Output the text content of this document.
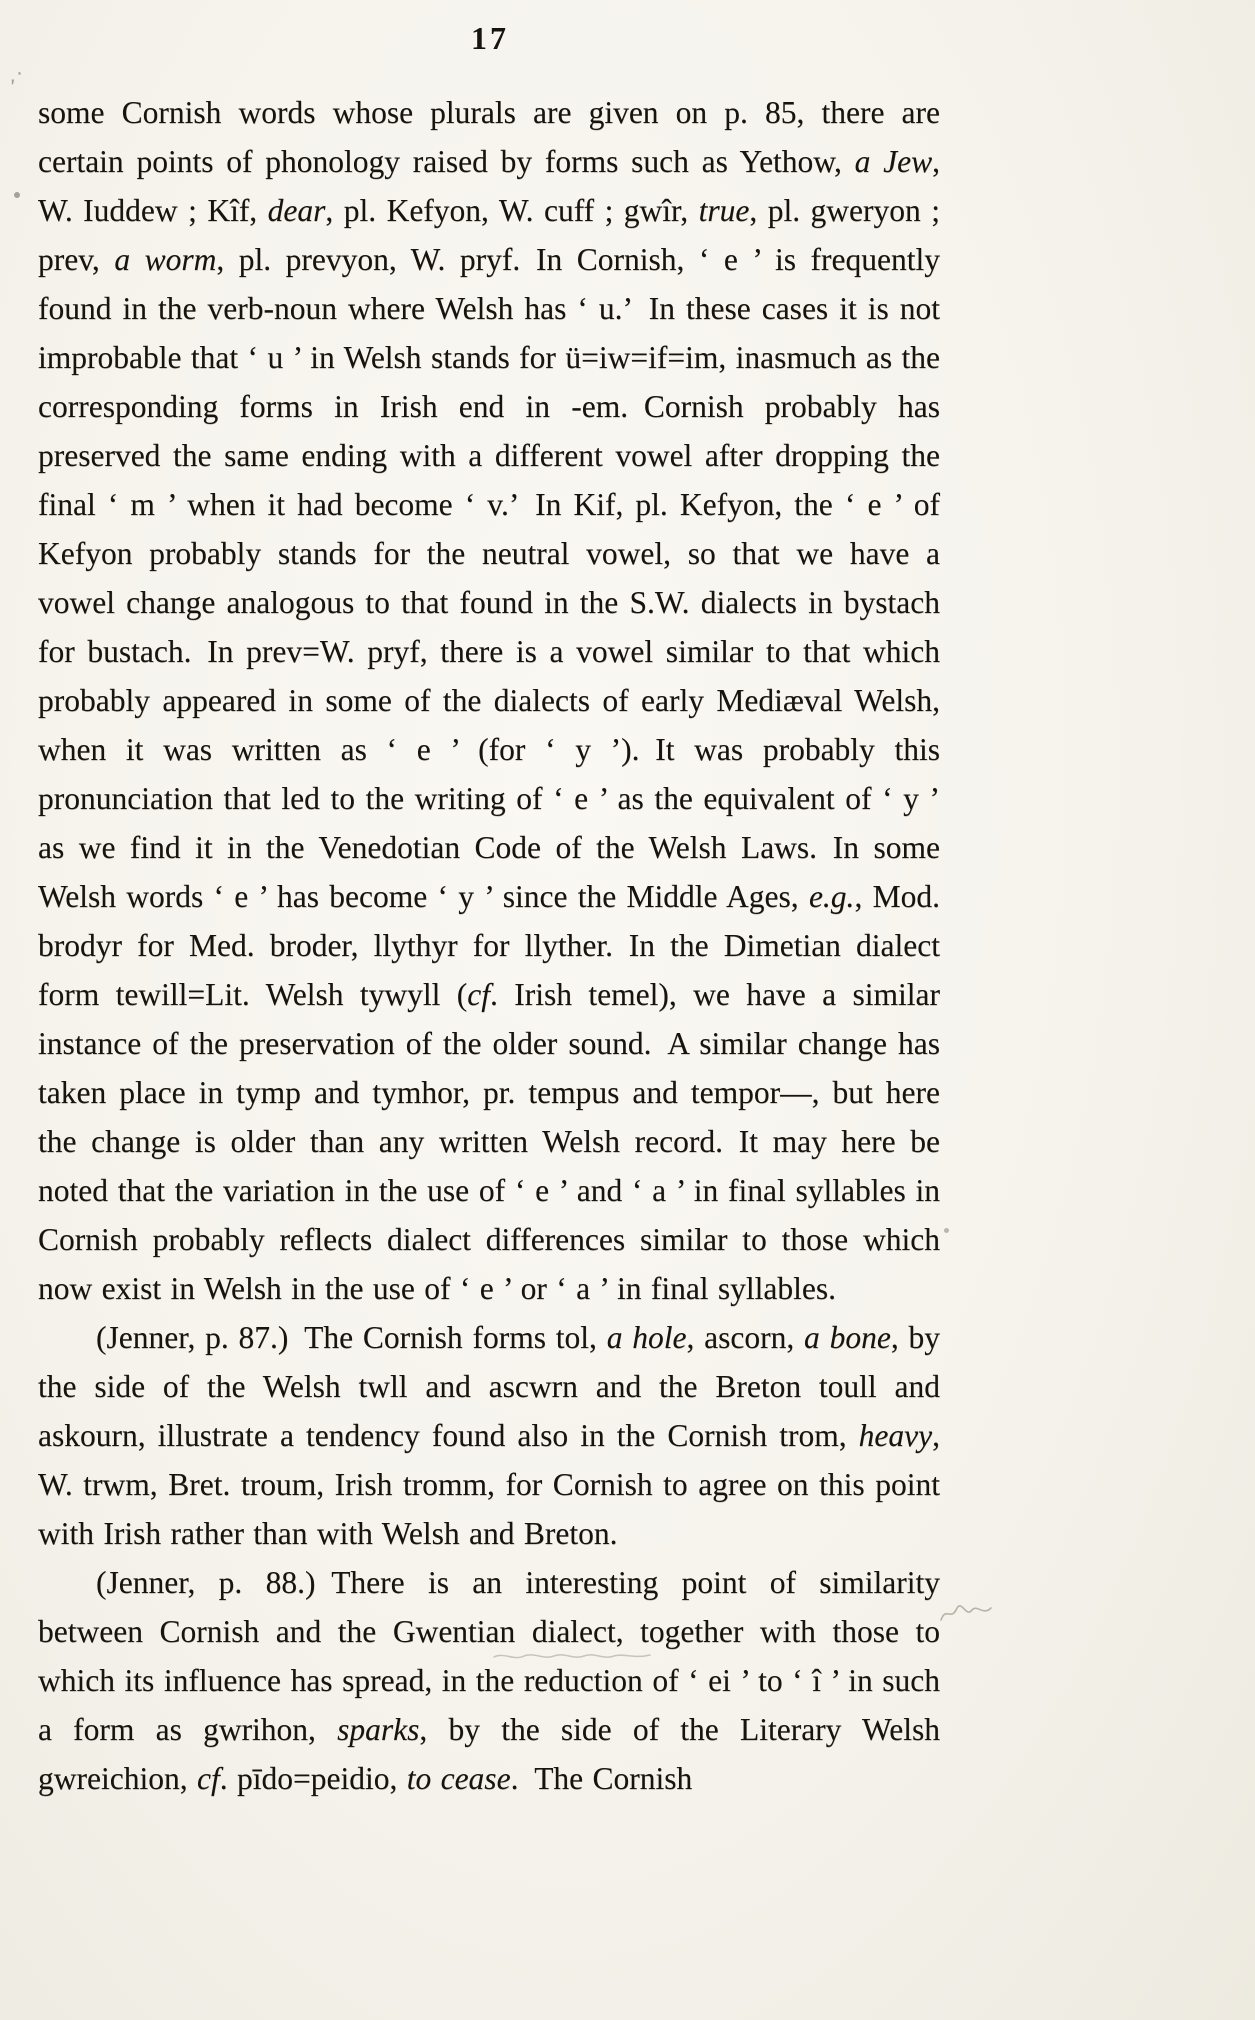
17
‚·

some Cornish words whose plurals are given on p. 85, there are certain points of phonology raised by forms such as Yethow, a Jew, W. Iuddew ; Kîf, dear, pl. Kefyon, W. cuff ; gwîr, true, pl. gweryon ; prev, a worm, pl. prevyon, W. pryf. In Cornish, ‘ e ’ is frequently found in the verb-noun where Welsh has ‘ u.’ In these cases it is not improbable that ‘ u ’ in Welsh stands for ü=iw=if=im, inasmuch as the corresponding forms in Irish end in -em. Cornish probably has preserved the same ending with a different vowel after dropping the final ‘ m ’ when it had become ‘ v.’ In Kif, pl. Kefyon, the ‘ e ’ of Kefyon probably stands for the neutral vowel, so that we have a vowel change analogous to that found in the S.W. dialects in bystach for bustach. In prev=W. pryf, there is a vowel similar to that which probably appeared in some of the dialects of early Mediæval Welsh, when it was written as ‘ e ’ (for ‘ y ’). It was probably this pronunciation that led to the writing of ‘ e ’ as the equivalent of ‘ y ’ as we find it in the Venedotian Code of the Welsh Laws. In some Welsh words ‘ e ’ has become ‘ y ’ since the Middle Ages, e.g., Mod. brodyr for Med. broder, llythyr for llyther. In the Dimetian dialect form tewill=Lit. Welsh tywyll (cf. Irish temel), we have a similar instance of the preservation of the older sound. A similar change has taken place in tymp and tymhor, pr. tempus and tempor—, but here the change is older than any written Welsh record. It may here be noted that the variation in the use of ‘ e ’ and ‘ a ’ in final syllables in Cornish probably reflects dialect differences similar to those which now exist in Welsh in the use of ‘ e ’ or ‘ a ’ in final syllables.

(Jenner, p. 87.) The Cornish forms tol, a hole, ascorn, a bone, by the side of the Welsh twll and ascwrn and the Breton toull and askourn, illustrate a tendency found also in the Cornish trom, heavy, W. trwm, Bret. troum, Irish tromm, for Cornish to agree on this point with Irish rather than with Welsh and Breton.

(Jenner, p. 88.) There is an interesting point of similarity between Cornish and the Gwentian dialect, together with those to which its influence has spread, in the reduction of ‘ ei ’ to ‘ î ’ in such a form as gwrihon, sparks, by the side of the Literary Welsh gwreichion, cf. pīdo=peidio, to cease. The Cornish
